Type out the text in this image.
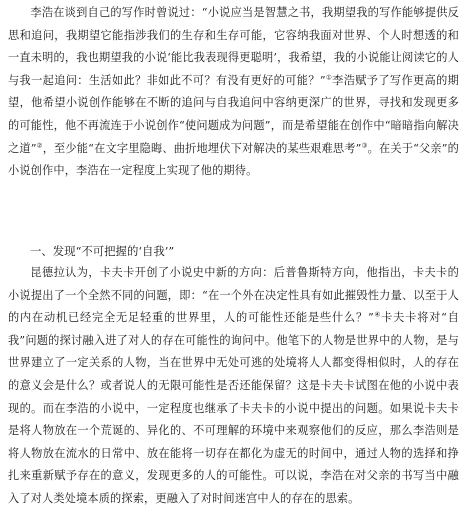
李浩在谈到自己的写作时曾说过：“小说应当是智慧之书，我期望我的写作能够提供反思和追问，我期望它能指涉我们的生存和生存可能，它容纳我面对世界、个人时想透的和一直未明的，我也期望我的小说‘能比我表现得更聪明’，我希望，我的小说能让阅读它的人与我一起追问：生活如此？非如此不可？有没有更好的可能？”①李浩赋予了写作更高的期望，他希望小说创作能够在不断的追问与自我追问中容纳更深广的世界，寻找和发现更多的可能性，他不再流连于小说创作“使问题成为问题”，而是希望能在创作中“暗暗指向解决之道”②，至少能“在文字里隐晦、曲折地埋伏下对解决的某些艰难思考”③。在关于“父亲”的小说创作中，李浩在一定程度上实现了他的期待。

一、发现“不可把握的‘自我’”

昆德拉认为，卡夫卡开创了小说史中新的方向：后普鲁斯特方向，他指出，卡夫卡的小说提出了一个全然不同的问题，即：“在一个外在决定性具有如此摧毁性力量、以至于人的内在动机已经完全无足轻重的世界里，人的可能性还能是些什么？”④卡夫卡将对“自我”问题的探讨融入进了对人的存在可能性的询问中。他笔下的人物是世界中的人物，是与世界建立了一定关系的人物，当在世界中无处可逃的处境将人人都变得相似时，人的存在的意义会是什么？或者说人的无限可能性是否还能保留？这是卡夫卡试图在他的小说中表现的。而在李浩的小说中，一定程度也继承了卡夫卡的小说中提出的问题。如果说卡夫卡是将人物放在一个荒诞的、异化的、不可理解的环境中来观察他们的反应，那么李浩则是将人物放在流水的日常中、放在能将一切存在都化为虚无的时间中，通过人物的选择和挣扎来重新赋予存在的意义，发现更多的人的可能性。可以说，李浩在对父亲的书写当中融入了对人类处境本质的探索，更融入了对时间迷宫中人的存在的思索。
